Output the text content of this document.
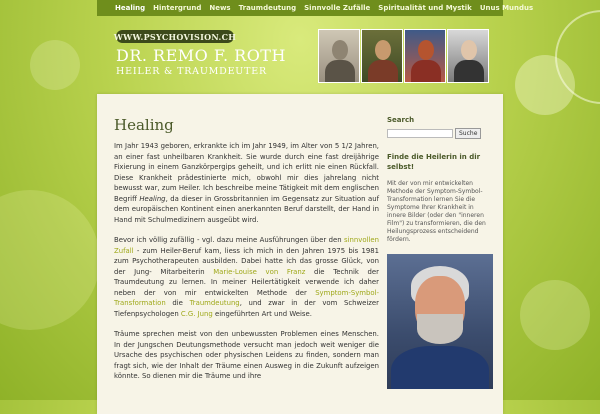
Healing Hintergrund News Traumdeutung Sinnvolle Zufälle Spiritualität und Mystik Unus Mundus
WWW.PSYCHOVISION.CH
DR. REMO F. ROTH
HEILER & TRAUMDEUTER
Healing

Im Jahr 1943 geboren, erkrankte ich im Jahr 1949, im Alter von 5 1/2 Jahren, an einer fast unheilbaren Krankheit. Sie wurde durch eine fast dreijährige Fixierung in einem Ganzkörpergips geheilt, und ich erlitt nie einen Rückfall. Diese Krankheit prädestinierte mich, obwohl mir dies jahrelang nicht bewusst war, zum Heiler. Ich beschreibe meine Tätigkeit mit dem englischen Begriff Healing, da dieser in Grossbritannien im Gegensatz zur Situation auf dem europäischen Kontinent einen anerkannten Beruf darstellt, der Hand in Hand mit Schulmedizinern ausgeübt wird.

Bevor ich völlig zufällig - vgl. dazu meine Ausführungen über den sinnvollen Zufall - zum Heiler-Beruf kam, liess ich mich in den Jahren 1975 bis 1981 zum Psychotherapeuten ausbilden. Dabei hatte ich das grosse Glück, von der Jung- Mitarbeiterin Marie-Louise von Franz die Technik der Traumdeutung zu lernen. In meiner Heilertätigkeit verwende ich daher neben der von mir entwickelten Methode der Symptom-Symbol-Transformation die Traumdeutung, und zwar in der vom Schweizer Tiefenpsychologen C.G. Jung eingeführten Art und Weise.

Träume sprechen meist von den unbewussten Problemen eines Menschen. In der Jungschen Deutungsmethode versucht man jedoch weit weniger die Ursache des psychischen oder physischen Leidens zu finden, sondern man fragt sich, wie der Inhalt der Träume einen Ausweg in die Zukunft aufzeigen könnte. So dienen mir die Träume und ihre

Search
Suche
Finde die Heilerin in dir selbst!
Mit der von mir entwickelten Methode der Symptom-Symbol-Transformation lernen Sie die Symptome Ihrer Krankheit in innere Bilder (oder den "inneren Film") zu transformieren, die den Heilungsprozess entscheidend fördern.
